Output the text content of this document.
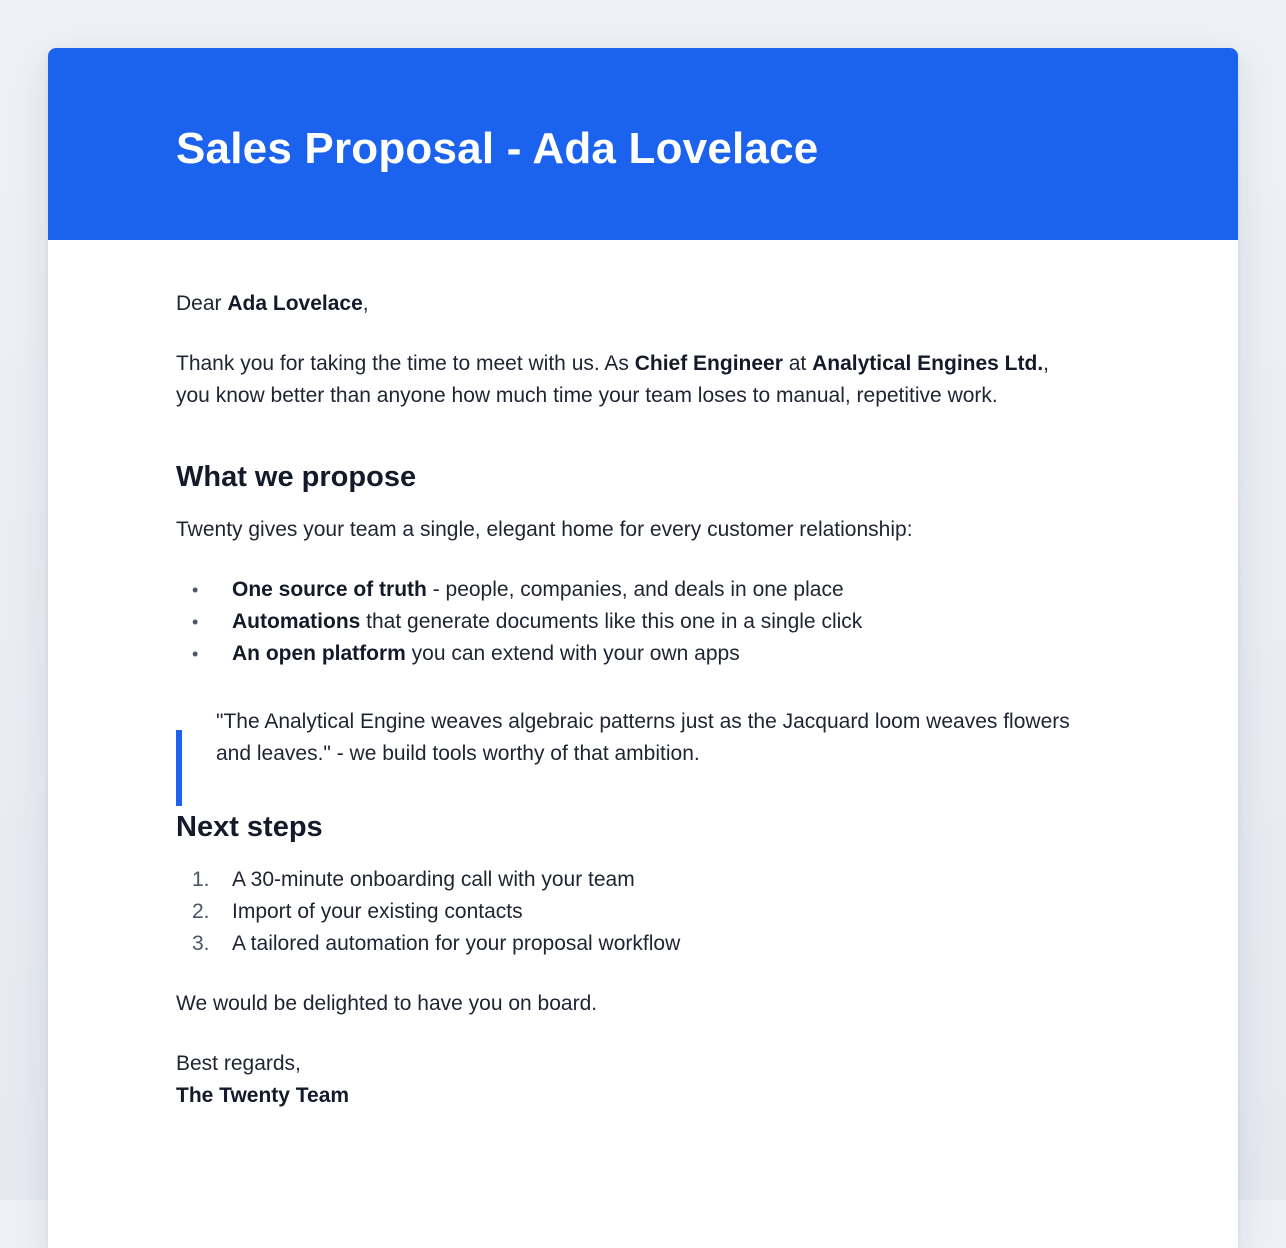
Sales Proposal - Ada Lovelace

Dear Ada Lovelace,

Thank you for taking the time to meet with us. As Chief Engineer at Analytical Engines Ltd.,
you know better than anyone how much time your team loses to manual, repetitive work.

What we propose

Twenty gives your team a single, elegant home for every customer relationship:

• One source of truth - people, companies, and deals in one place
• Automations that generate documents like this one in a single click
• An open platform you can extend with your own apps

"The Analytical Engine weaves algebraic patterns just as the Jacquard loom weaves flowers
and leaves." - we build tools worthy of that ambition.

Next steps
1. A 30-minute onboarding call with your team
2. Import of your existing contacts
3. A tailored automation for your proposal workflow

We would be delighted to have you on board.

Best regards,
The Twenty Team
